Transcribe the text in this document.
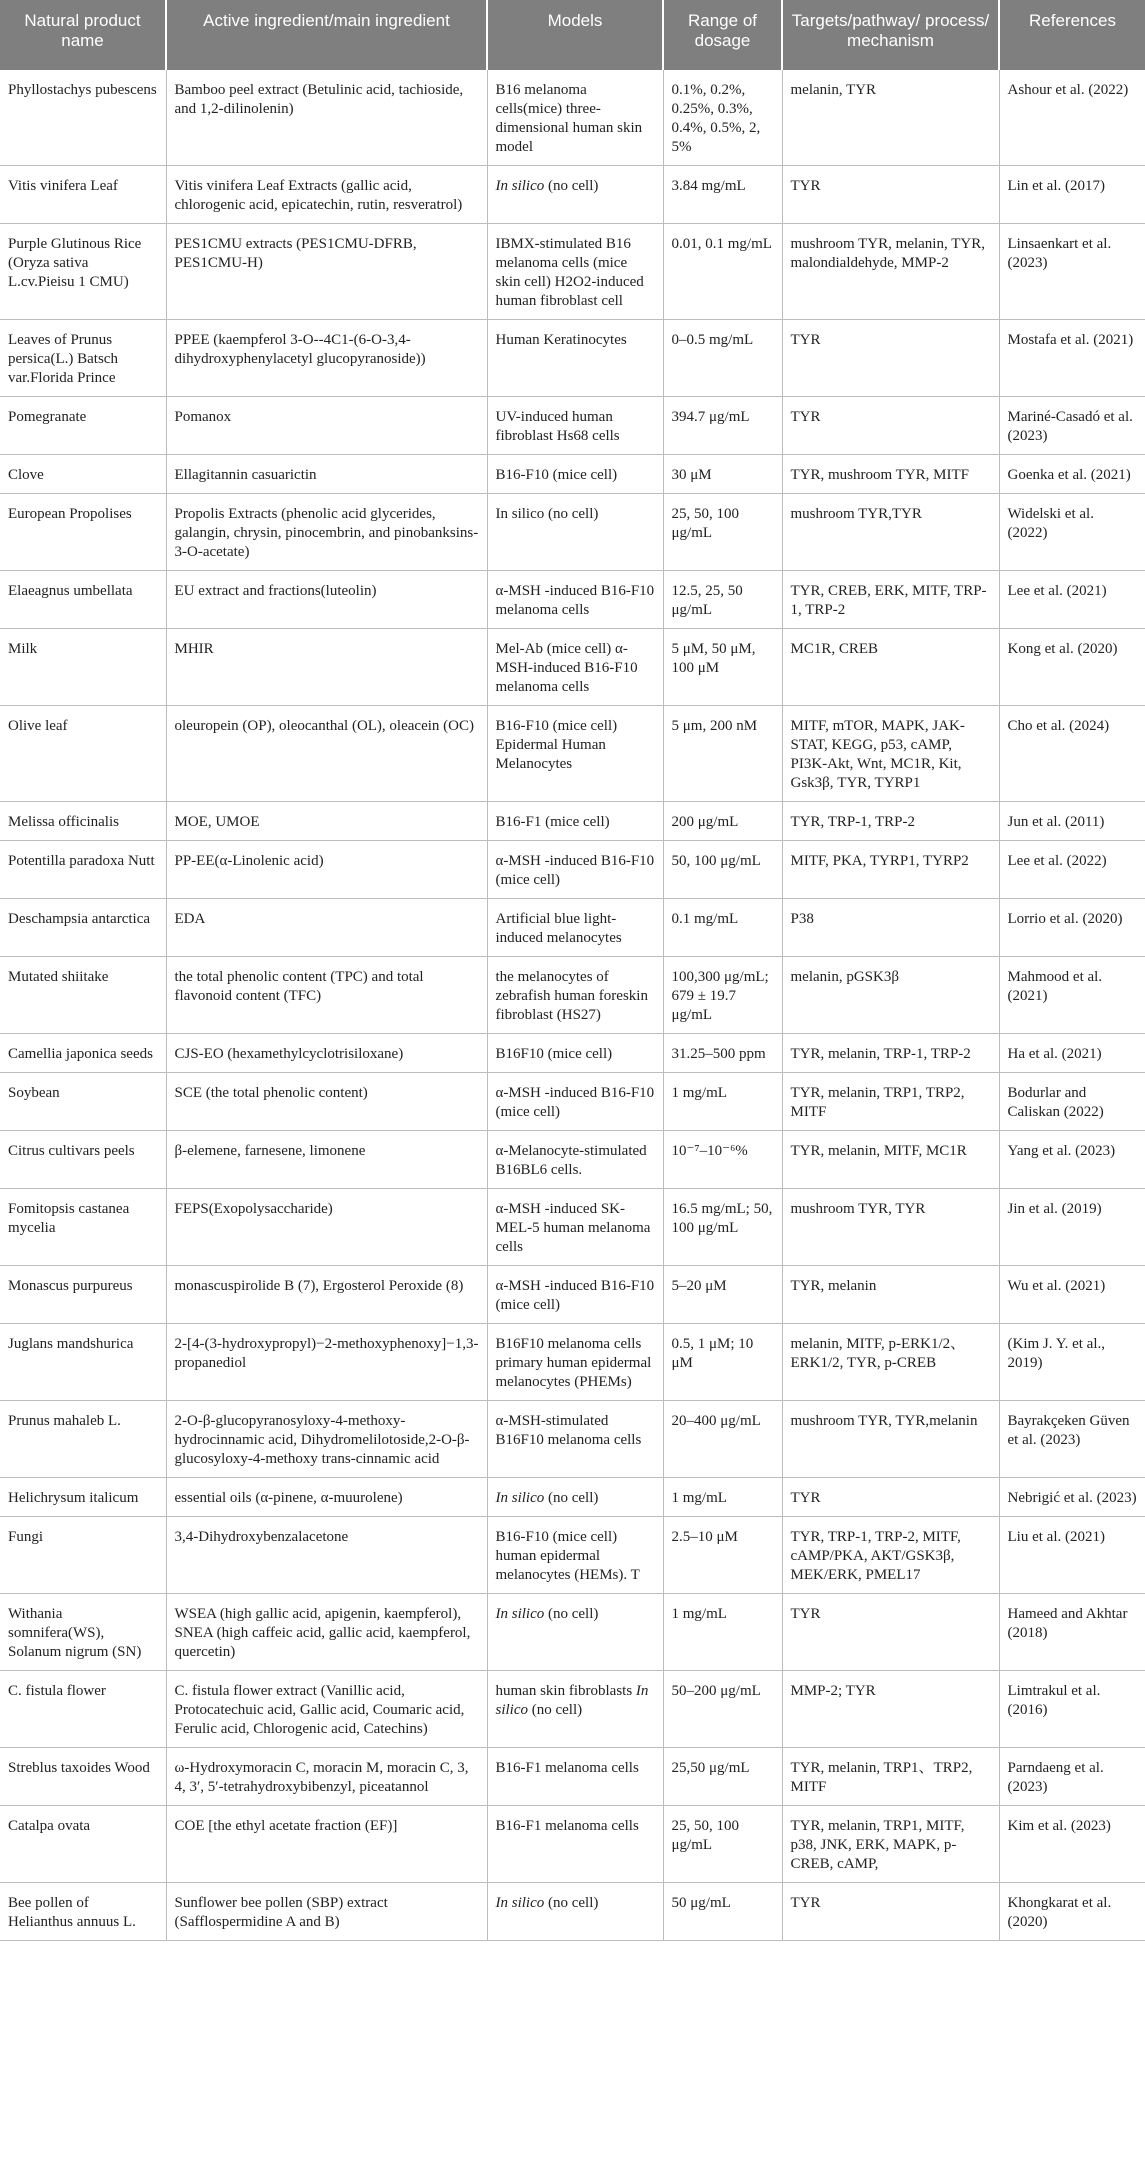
Natural product name	Active ingredient/main ingredient	Models	Range of dosage	Targets/pathway/ process/ mechanism	References
Phyllostachys pubescens	Bamboo peel extract (Betulinic acid, tachioside, and 1,2-dilinolenin)	B16 melanoma cells(mice) three-dimensional human skin model	0.1%, 0.2%, 0.25%, 0.3%, 0.4%, 0.5%, 2, 5%	melanin, TYR	Ashour et al. (2022)
Vitis vinifera Leaf	Vitis vinifera Leaf Extracts (gallic acid, chlorogenic acid, epicatechin, rutin, resveratrol)	In silico (no cell)	3.84 mg/mL	TYR	Lin et al. (2017)
Purple Glutinous Rice (Oryza sativa L.cv.Pieisu 1 CMU)	PES1CMU extracts (PES1CMU-DFRB, PES1CMU-H)	IBMX-stimulated B16 melanoma cells (mice skin cell) H2O2-induced human fibroblast cell	0.01, 0.1 mg/mL	mushroom TYR, melanin, TYR, malondialdehyde, MMP-2	Linsaenkart et al. (2023)
Leaves of Prunus persica(L.) Batsch var.Florida Prince	PPEE (kaempferol 3-O--4C1-(6-O-3,4-dihydroxyphenylacetyl glucopyranoside))	Human Keratinocytes	0–0.5 mg/mL	TYR	Mostafa et al. (2021)
Pomegranate	Pomanox	UV-induced human fibroblast Hs68 cells	394.7 μg/mL	TYR	Mariné-Casadó et al. (2023)
Clove	Ellagitannin casuarictin	B16-F10 (mice cell)	30 μM	TYR, mushroom TYR, MITF	Goenka et al. (2021)
European Propolises	Propolis Extracts (phenolic acid glycerides, galangin, chrysin, pinocembrin, and pinobanksins-3-O-acetate)	In silico (no cell)	25, 50, 100 μg/mL	mushroom TYR,TYR	Widelski et al. (2022)
Elaeagnus umbellata	EU extract and fractions(luteolin)	α-MSH -induced B16-F10 melanoma cells	12.5, 25, 50 μg/mL	TYR, CREB, ERK, MITF, TRP-1, TRP-2	Lee et al. (2021)
Milk	MHIR	Mel-Ab (mice cell) α-MSH-induced B16-F10 melanoma cells	5 μM, 50 μM, 100 μM	MC1R, CREB	Kong et al. (2020)
Olive leaf	oleuropein (OP), oleocanthal (OL), oleacein (OC)	B16-F10 (mice cell) Epidermal Human Melanocytes	5 μm, 200 nM	MITF, mTOR, MAPK, JAK-STAT, KEGG, p53, cAMP, PI3K-Akt, Wnt, MC1R, Kit, Gsk3β, TYR, TYRP1	Cho et al. (2024)
Melissa officinalis	MOE, UMOE	B16-F1 (mice cell)	200 μg/mL	TYR, TRP-1, TRP-2	Jun et al. (2011)
Potentilla paradoxa Nutt	PP-EE(α-Linolenic acid)	α-MSH -induced B16-F10 (mice cell)	50, 100 μg/mL	MITF, PKA, TYRP1, TYRP2	Lee et al. (2022)
Deschampsia antarctica	EDA	Artificial blue light-induced melanocytes	0.1 mg/mL	P38	Lorrio et al. (2020)
Mutated shiitake	the total phenolic content (TPC) and total flavonoid content (TFC)	the melanocytes of zebrafish human foreskin fibroblast (HS27)	100,300 μg/mL; 679 ± 19.7 μg/mL	melanin, pGSK3β	Mahmood et al. (2021)
Camellia japonica seeds	CJS-EO (hexamethylcyclotrisiloxane)	B16F10 (mice cell)	31.25–500 ppm	TYR, melanin, TRP-1, TRP-2	Ha et al. (2021)
Soybean	SCE (the total phenolic content)	α-MSH -induced B16-F10 (mice cell)	1 mg/mL	TYR, melanin, TRP1, TRP2, MITF	Bodurlar and Caliskan (2022)
Citrus cultivars peels	β-elemene, farnesene, limonene	α-Melanocyte-stimulated B16BL6 cells.	10⁻⁷–10⁻⁶%	TYR, melanin, MITF, MC1R	Yang et al. (2023)
Fomitopsis castanea mycelia	FEPS(Exopolysaccharide)	α-MSH -induced SK-MEL-5 human melanoma cells	16.5 mg/mL; 50, 100 μg/mL	mushroom TYR, TYR	Jin et al. (2019)
Monascus purpureus	monascuspirolide B (7), Ergosterol Peroxide (8)	α-MSH -induced B16-F10 (mice cell)	5–20 μM	TYR, melanin	Wu et al. (2021)
Juglans mandshurica	2-[4-(3-hydroxypropyl)−2-methoxyphenoxy]−1,3-propanediol	B16F10 melanoma cells primary human epidermal melanocytes (PHEMs)	0.5, 1 μM; 10 μM	melanin, MITF, p-ERK1/2、ERK1/2, TYR, p-CREB	(Kim J. Y. et al., 2019)
Prunus mahaleb L.	2-O-β-glucopyranosyloxy-4-methoxy-hydrocinnamic acid, Dihydromelilotoside,2-O-β-glucosyloxy-4-methoxy trans-cinnamic acid	α-MSH-stimulated B16F10 melanoma cells	20–400 μg/mL	mushroom TYR, TYR,melanin	Bayrakçeken Güven et al. (2023)
Helichrysum italicum	essential oils (α-pinene, α-muurolene)	In silico (no cell)	1 mg/mL	TYR	Nebrigić et al. (2023)
Fungi	3,4-Dihydroxybenzalacetone	B16-F10 (mice cell) human epidermal melanocytes (HEMs). T	2.5–10 μM	TYR, TRP-1, TRP-2, MITF, cAMP/PKA, AKT/GSK3β, MEK/ERK, PMEL17	Liu et al. (2021)
Withania somnifera(WS), Solanum nigrum (SN)	WSEA (high gallic acid, apigenin, kaempferol), SNEA (high caffeic acid, gallic acid, kaempferol, quercetin)	In silico (no cell)	1 mg/mL	TYR	Hameed and Akhtar (2018)
C. fistula flower	C. fistula flower extract (Vanillic acid, Protocatechuic acid, Gallic acid, Coumaric acid, Ferulic acid, Chlorogenic acid, Catechins)	human skin fibroblasts In silico (no cell)	50–200 μg/mL	MMP-2; TYR	Limtrakul et al. (2016)
Streblus taxoides Wood	ω-Hydroxymoracin C, moracin M, moracin C, 3, 4, 3′, 5′-tetrahydroxybibenzyl, piceatannol	B16-F1 melanoma cells	25,50 μg/mL	TYR, melanin, TRP1、TRP2, MITF	Parndaeng et al. (2023)
Catalpa ovata	COE [the ethyl acetate fraction (EF)]	B16-F1 melanoma cells	25, 50, 100 μg/mL	TYR, melanin, TRP1, MITF, p38, JNK, ERK, MAPK, p-CREB, cAMP,	Kim et al. (2023)
Bee pollen of Helianthus annuus L.	Sunflower bee pollen (SBP) extract (Safflospermidine A and B)	In silico (no cell)	50 μg/mL	TYR	Khongkarat et al. (2020)
